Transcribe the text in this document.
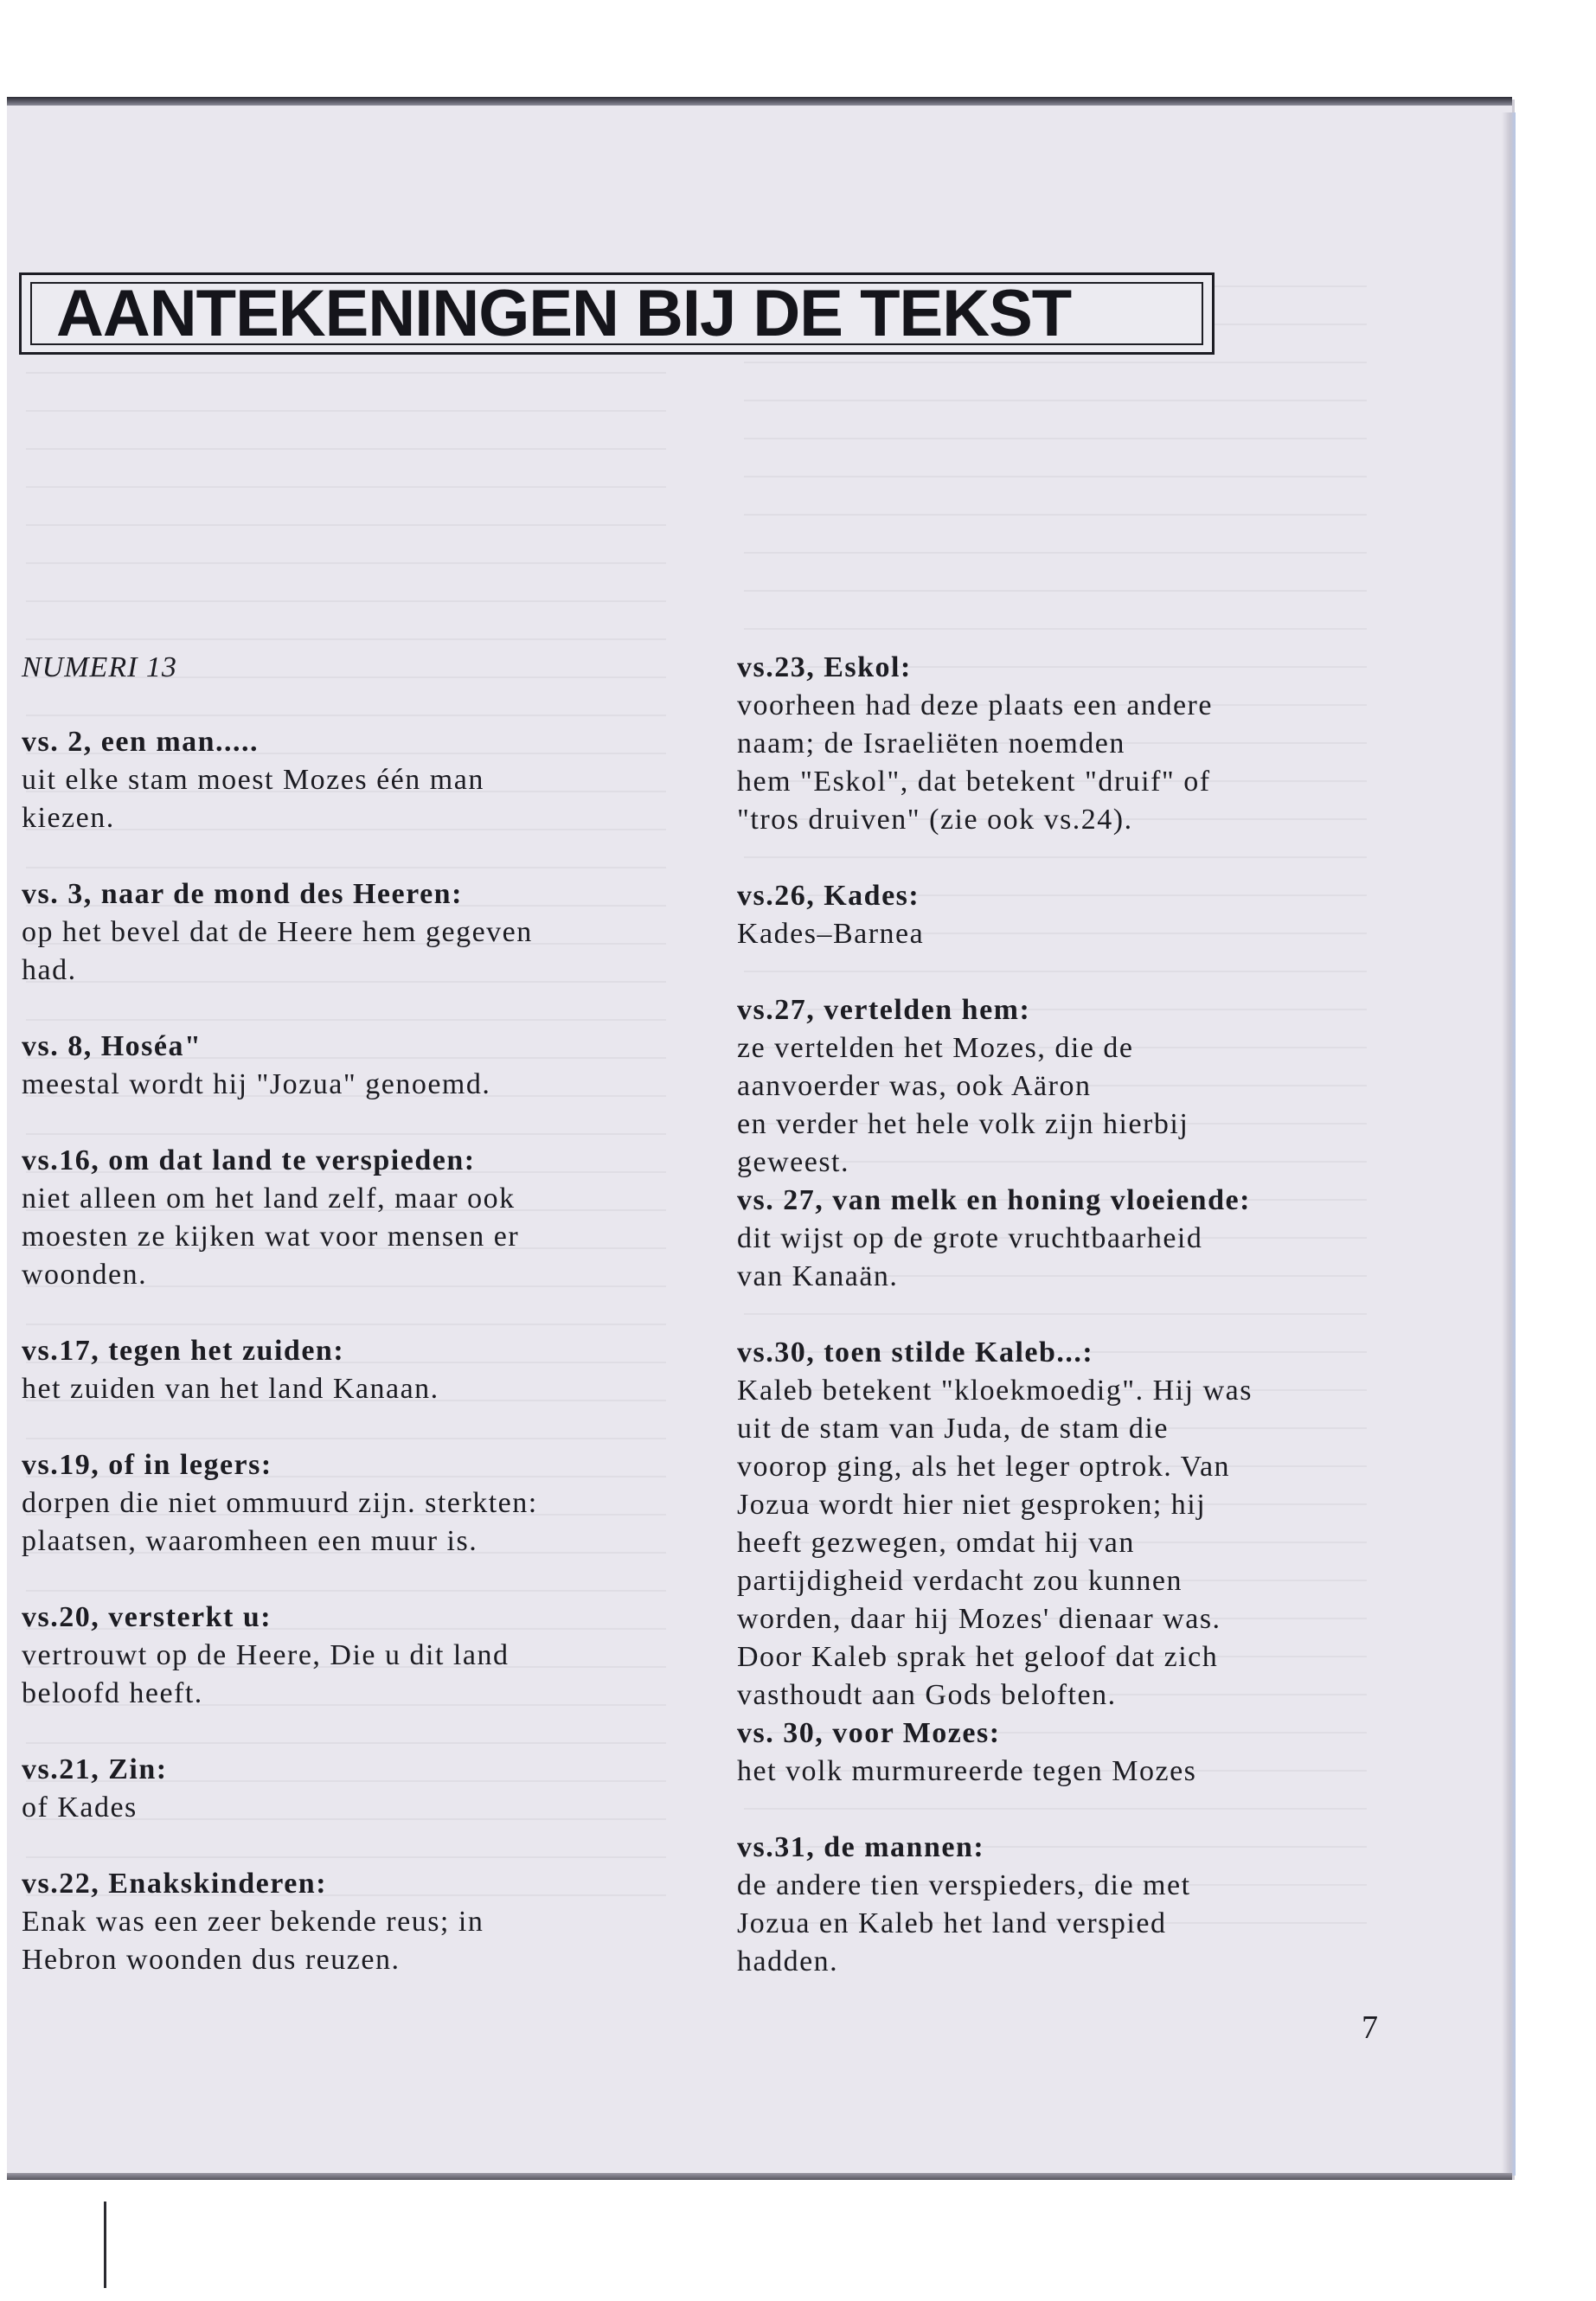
AANTEKENINGEN BIJ DE TEKST

NUMERI 13

vs. 2, een man.....
uit elke stam moest Mozes één man
kiezen.
vs. 3, naar de mond des Heeren:
op het bevel dat de Heere hem gegeven
had.
vs. 8, Hoséa"
meestal wordt hij "Jozua" genoemd.
vs.16, om dat land te verspieden:
niet alleen om het land zelf, maar ook
moesten ze kijken wat voor mensen er
woonden.
vs.17, tegen het zuiden:
het zuiden van het land Kanaan.
vs.19, of in legers:
dorpen die niet ommuurd zijn. sterkten:
plaatsen, waaromheen een muur is.
vs.20, versterkt u:
vertrouwt op de Heere, Die u dit land
beloofd heeft.
vs.21, Zin:
of Kades
vs.22, Enakskinderen:
Enak was een zeer bekende reus; in
Hebron woonden dus reuzen.
vs.23, Eskol:
voorheen had deze plaats een andere
naam; de Israeliëten noemden
hem "Eskol", dat betekent "druif" of
"tros druiven" (zie ook vs.24).
vs.26, Kades:
Kades–Barnea
vs.27, vertelden hem:
ze vertelden het Mozes, die de
aanvoerder was, ook Aäron
en verder het hele volk zijn hierbij
geweest.
vs. 27, van melk en honing vloeiende:
dit wijst op de grote vruchtbaarheid
van Kanaän.
vs.30, toen stilde Kaleb...:
Kaleb betekent "kloekmoedig". Hij was
uit de stam van Juda, de stam die
voorop ging, als het leger optrok. Van
Jozua wordt hier niet gesproken; hij
heeft gezwegen, omdat hij van
partijdigheid verdacht zou kunnen
worden, daar hij Mozes' dienaar was.
Door Kaleb sprak het geloof dat zich
vasthoudt aan Gods beloften.
vs. 30, voor Mozes:
het volk murmureerde tegen Mozes
vs.31, de mannen:
de andere tien verspieders, die met
Jozua en Kaleb het land verspied
hadden.
7
